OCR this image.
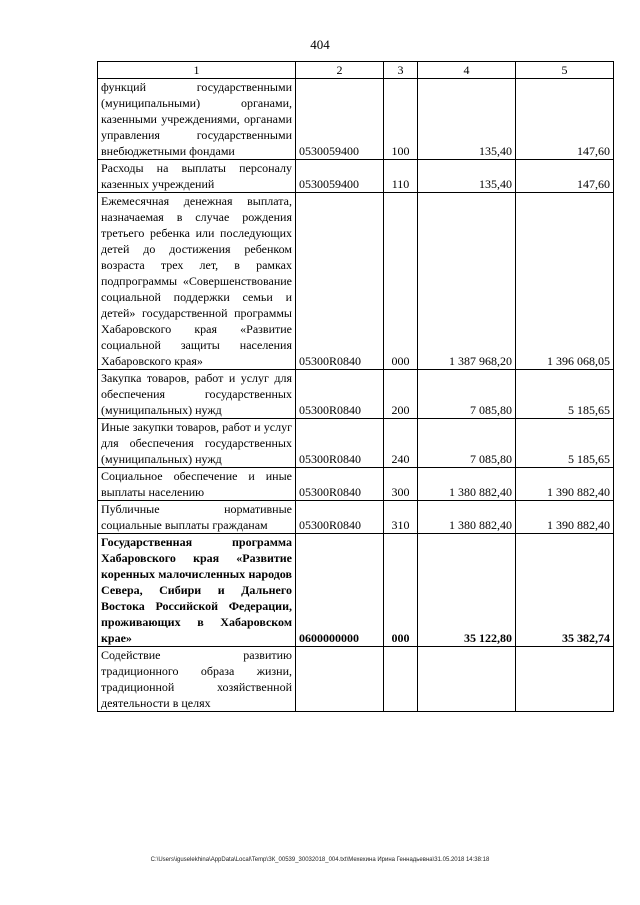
404
1	2	3	4	5
функций государственными (муниципальными) органами, казенными учреждениями, органами управления государственными внебюджетными фондами	0530059400	100	135,40	147,60
Расходы на выплаты персоналу казенных учреждений	0530059400	110	135,40	147,60
Ежемесячная денежная выплата, назначаемая в случае рождения третьего ребенка или последующих детей до достижения ребенком возраста трех лет, в рамках подпрограммы «Совершенствование социальной поддержки семьи и детей» государственной программы Хабаровского края «Развитие социальной защиты населения Хабаровского края»	05300R0840	000	1 387 968,20	1 396 068,05
Закупка товаров, работ и услуг для обеспечения государственных (муниципальных) нужд	05300R0840	200	7 085,80	5 185,65
Иные закупки товаров, работ и услуг для обеспечения государственных (муниципальных) нужд	05300R0840	240	7 085,80	5 185,65
Социальное обеспечение и иные выплаты населению	05300R0840	300	1 380 882,40	1 390 882,40
Публичные нормативные социальные выплаты гражданам	05300R0840	310	1 380 882,40	1 390 882,40
Государственная программа Хабаровского края «Развитие коренных малочисленных народов Севера, Сибири и Дальнего Востока Российской Федерации, проживающих в Хабаровском крае»	0600000000	000	35 122,80	35 382,74
Содействие развитию традиционного образа жизни, традиционной хозяйственной деятельности в целях				
C:\Users\iguselekhina\AppData\Local\Temp\ЗК_00539_30032018_004.txt\Мехехина Ирина Геннадьевна\31.05.2018 14:38:18
